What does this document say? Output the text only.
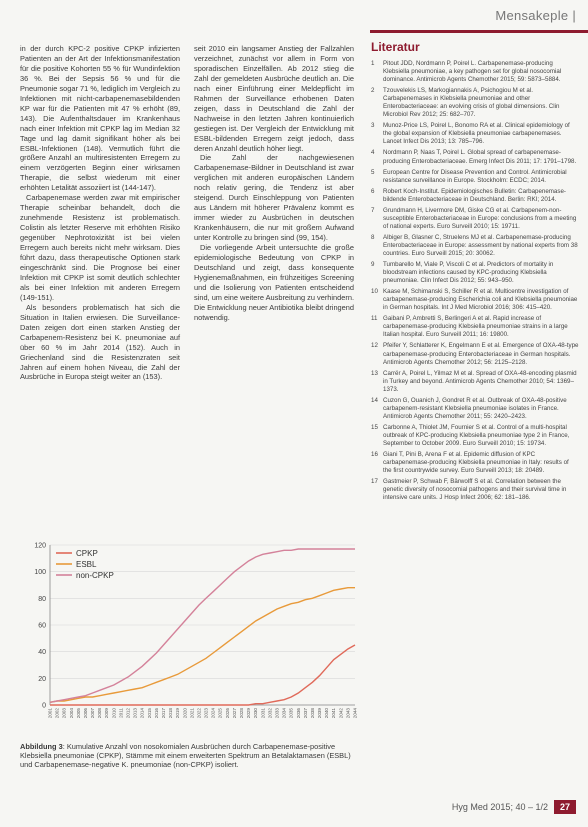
Mensakeple |

in der durch KPC-2 positive CPKP infizierten Patienten an der Art der Infektionsmanifestation für die positive Kohorten 55 % für Wundinfektion 36 %. Bei der Sepsis 56 % und für die Pneumonie sogar 71 %, lediglich im Vergleich zu Infektionen mit nicht-carbapenemasebildenden KP war für die Patienten mit 47 % erhöht (89, 143). Die Aufenthaltsdauer im Krankenhaus nach einer Infektion mit CPKP lag im Median 32 Tage und lag damit signifikant höher als bei ESBL-Infektionen (148). Vermutlich führt die größere Anzahl an multiresistenten Erregern zu einem verzögerten Beginn einer wirksamen Therapie, die selbst wiederum mit einer erhöhten Letalität assoziiert ist (144-147).

Carbapenemase werden zwar mit empirischer Therapie scheinbar behandelt, doch die zunehmende Resistenz ist problematisch. Colistin als letzter Reserve mit erhöhten Risiko gegenüber Nephrotoxizität ist bei vielen Erregern auch bereits nicht mehr wirksam. Dies führt dazu, dass therapeutische Optionen stark eingeschränkt sind. Die Prognose bei einer Infektion mit CPKP ist somit deutlich schlechter als bei einer Infektion mit anderen Erregern (149-151).

Als besonders problematisch hat sich die Situation in Italien erwiesen. Die Surveillance-Daten zeigen dort einen starken Anstieg der Carbapenem-Resistenz bei K. pneumoniae auf über 60 % im Jahr 2014 (152). Auch in Griechenland sind die Resistenzraten seit Jahren auf einem hohen Niveau, die Zahl der Ausbrüche in Europa steigt weiter an (153).

seit 2010 ein langsamer Anstieg der Fallzahlen verzeichnet, zunächst vor allem in Form von sporadischen Einzelfällen. Ab 2012 stieg die Zahl der gemeldeten Ausbrüche deutlich an. Die nach einer Einführung einer Meldepflicht im Rahmen der Surveillance erhobenen Daten zeigen, dass in Deutschland die Zahl der Nachweise in den letzten Jahren kontinuierlich gestiegen ist. Der Vergleich der Entwicklung mit ESBL-bildenden Erregern zeigt jedoch, dass deren Anzahl deutlich höher liegt.

Die Zahl der nachgewiesenen Carbapenemase-Bildner in Deutschland ist zwar verglichen mit anderen europäischen Ländern noch relativ gering, die Tendenz ist aber steigend. Durch Einschleppung von Patienten aus Ländern mit höherer Prävalenz kommt es immer wieder zu Ausbrüchen in deutschen Krankenhäusern, die nur mit großem Aufwand unter Kontrolle zu bringen sind (99, 154).

Die vorliegende Arbeit untersuchte die große epidemiologische Bedeutung von CPKP in Deutschland und zeigt, dass konsequente Hygienemaßnahmen, ein frühzeitiges Screening und die Isolierung von Patienten entscheidend sind, um eine weitere Ausbreitung zu verhindern. Die Entwicklung neuer Antibiotika bleibt dringend notwendig.

Literatur
1	Pitout JDD, Nordmann P, Poirel L. Carbapenemase-producing Klebsiella pneumoniae, a key pathogen set for global nosocomial dominance. Antimicrob Agents Chemother 2015; 59: 5873–5884.
2	Tzouvelekis LS, Markogiannakis A, Psichogiou M et al. Carbapenemases in Klebsiella pneumoniae and other Enterobacteriaceae: an evolving crisis of global dimensions. Clin Microbiol Rev 2012; 25: 682–707.
3	Munoz-Price LS, Poirel L, Bonomo RA et al. Clinical epidemiology of the global expansion of Klebsiella pneumoniae carbapenemases. Lancet Infect Dis 2013; 13: 785–796.
4	Nordmann P, Naas T, Poirel L. Global spread of carbapenemase-producing Enterobacteriaceae. Emerg Infect Dis 2011; 17: 1791–1798.
5	European Centre for Disease Prevention and Control. Antimicrobial resistance surveillance in Europe. Stockholm: ECDC; 2014.
6	Robert Koch-Institut. Epidemiologisches Bulletin: Carbapenemase-bildende Enterobacteriaceae in Deutschland. Berlin: RKI; 2014.
7	Grundmann H, Livermore DM, Giske CG et al. Carbapenem-non-susceptible Enterobacteriaceae in Europe: conclusions from a meeting of national experts. Euro Surveill 2010; 15: 19711.
8	Albiger B, Glasner C, Struelens MJ et al. Carbapenemase-producing Enterobacteriaceae in Europe: assessment by national experts from 38 countries. Euro Surveill 2015; 20: 30062.
9	Tumbarello M, Viale P, Viscoli C et al. Predictors of mortality in bloodstream infections caused by KPC-producing Klebsiella pneumoniae. Clin Infect Dis 2012; 55: 943–950.
10 Kaase M, Schimanski S, Schiller R et al. Multicentre investigation of carbapenemase-producing Escherichia coli and Klebsiella pneumoniae in German hospitals. Int J Med Microbiol 2016; 306: 415–420.
11 Gaibani P, Ambretti S, Berlingeri A et al. Rapid increase of carbapenemase-producing Klebsiella pneumoniae strains in a large Italian hospital. Euro Surveill 2011; 16: 19800.
12 Pfeifer Y, Schlatterer K, Engelmann E et al. Emergence of OXA-48-type carbapenemase-producing Enterobacteriaceae in German hospitals. Antimicrob Agents Chemother 2012; 56: 2125–2128.
13 Carrër A, Poirel L, Yilmaz M et al. Spread of OXA-48-encoding plasmid in Turkey and beyond. Antimicrob Agents Chemother 2010; 54: 1369–1373.
14 Cuzon G, Ouanich J, Gondret R et al. Outbreak of OXA-48-positive carbapenem-resistant Klebsiella pneumoniae isolates in France. Antimicrob Agents Chemother 2011; 55: 2420–2423.
15 Carbonne A, Thiolet JM, Fournier S et al. Control of a multi-hospital outbreak of KPC-producing Klebsiella pneumoniae type 2 in France, September to October 2009. Euro Surveill 2010; 15: 19734.
16 Giani T, Pini B, Arena F et al. Epidemic diffusion of KPC carbapenemase-producing Klebsiella pneumoniae in Italy: results of the first countrywide survey. Euro Surveill 2013; 18: 20489.
17 Gastmeier P, Schwab F, Bärwolff S et al. Correlation between the genetic diversity of nosocomial pathogens and their survival time in intensive care units. J Hosp Infect 2006; 62: 181–186.
0
20
40
60
80
100
120
2001 2002 2003 2004 2005 2006 2007 2008 2009 2010 2011 2012 2013 2014 2015 2016 2017 2018 2019 2020 2021 2022 2023 2024 2025 2026 2027 2028 2029 2030 2031 2032 2033 2034 2035 2036 2037 2038 2039 2040 2041 2042 2043 2044
CPKP
ESBL
non-CPKP
Abbildung 3: Kumulative Anzahl von nosokomialen Ausbrüchen durch Carbapenemase-positive Klebsiella pneumoniae (CPKP), Stämme mit einem erweiterten Spektrum an Betalaktamasen (ESBL) und Carbapenemase-negative K. pneumoniae (non-CPKP) isoliert.
Hyg Med 2015; 40 – 1/2 27
